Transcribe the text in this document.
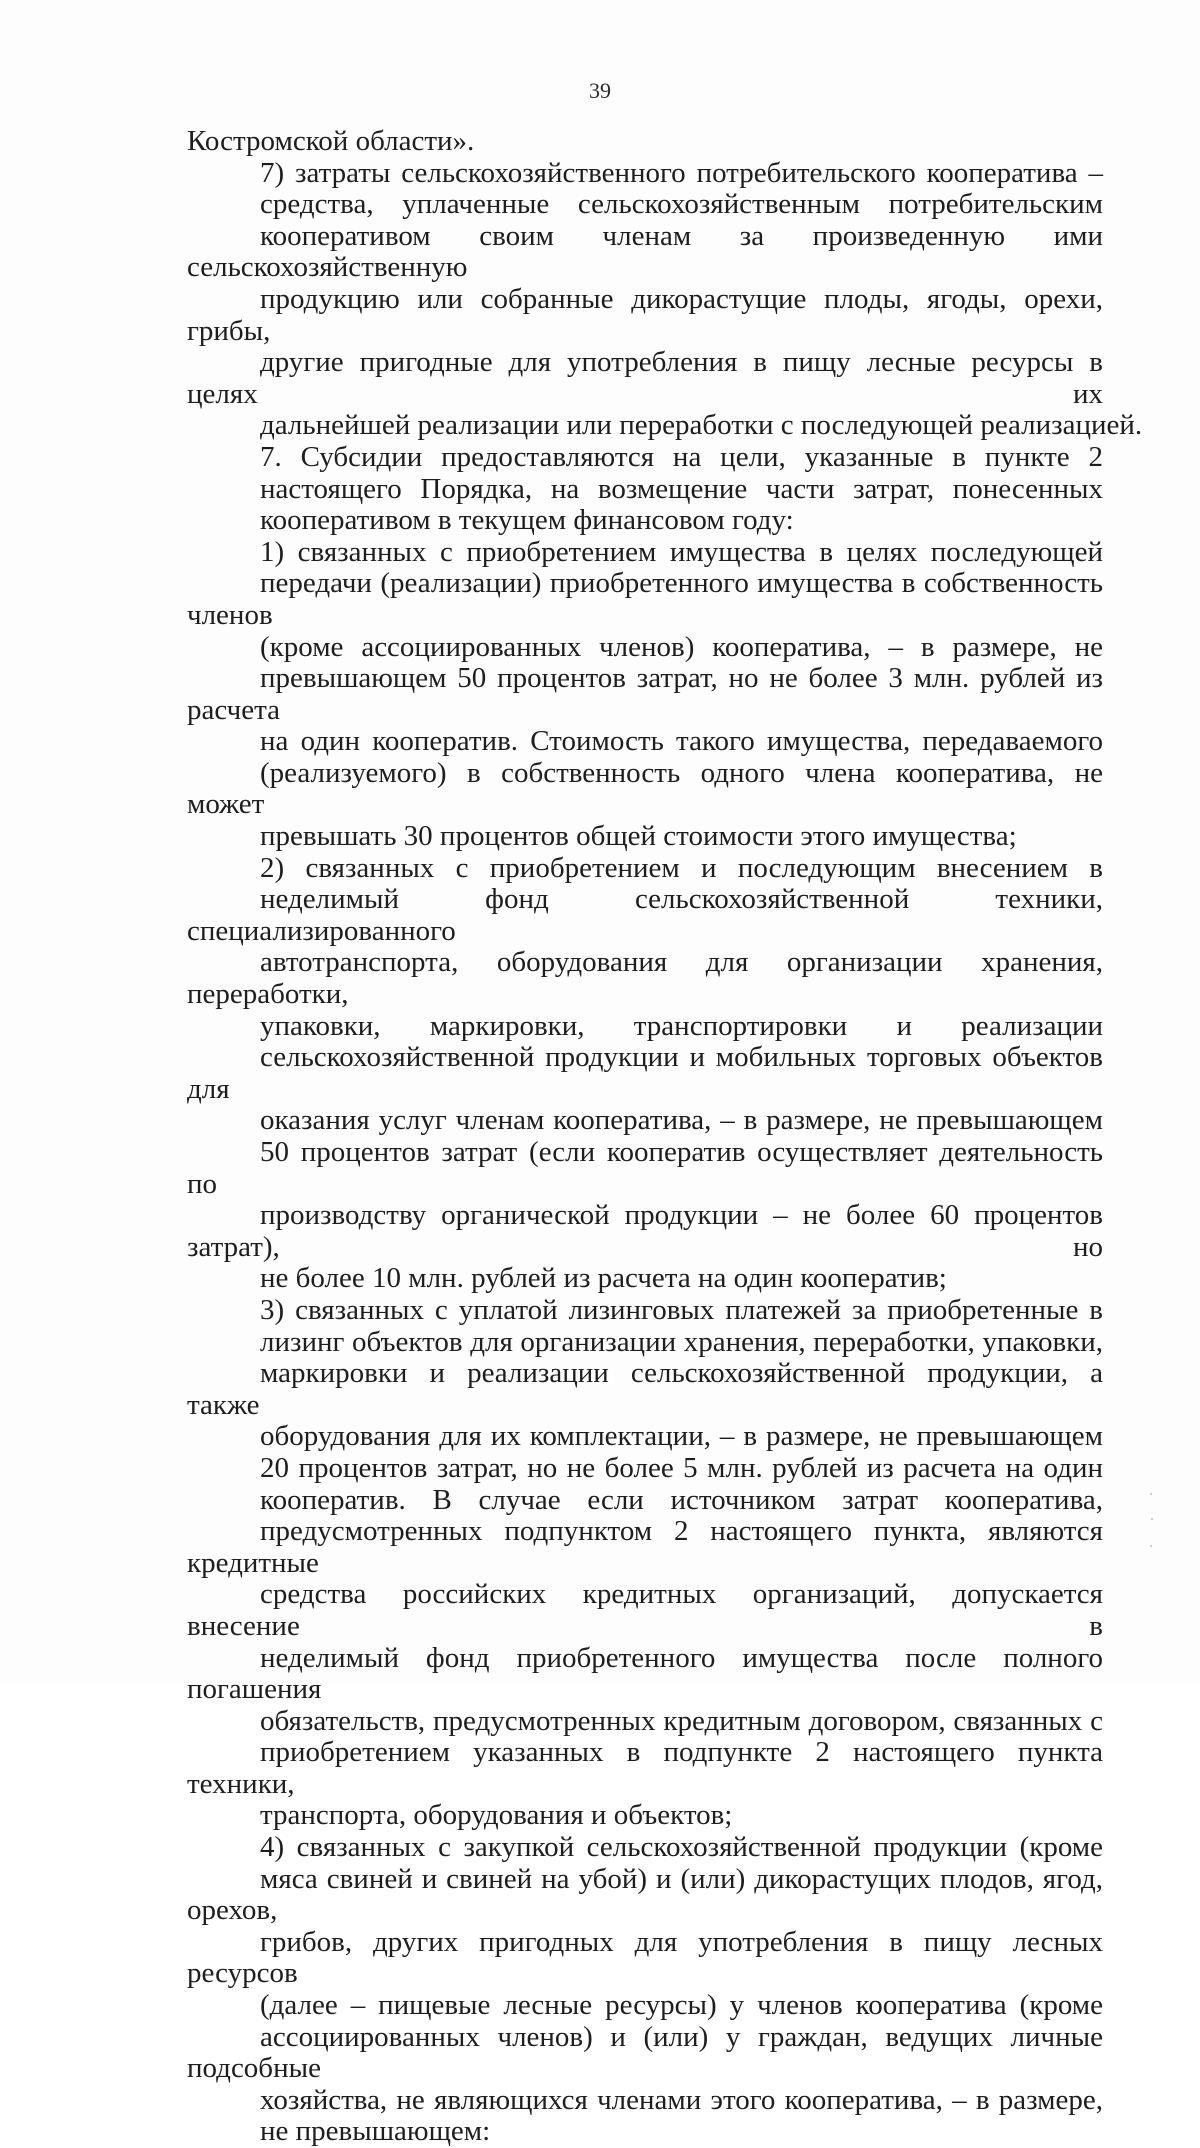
39

Костромской области».

7) затраты сельскохозяйственного потребительского кооператива –
средства, уплаченные сельскохозяйственным потребительским
кооперативом своим членам за произведенную ими сельскохозяйственную
продукцию или собранные дикорастущие плоды, ягоды, орехи, грибы,
другие пригодные для употребления в пищу лесные ресурсы в целях их
дальнейшей реализации или переработки с последующей реализацией.

7. Субсидии предоставляются на цели, указанные в пункте 2
настоящего Порядка, на возмещение части затрат, понесенных
кооперативом в текущем финансовом году:

1) связанных с приобретением имущества в целях последующей
передачи (реализации) приобретенного имущества в собственность членов
(кроме ассоциированных членов) кооператива, – в размере, не
превышающем 50 процентов затрат, но не более 3 млн. рублей из расчета
на один кооператив. Стоимость такого имущества, передаваемого
(реализуемого) в собственность одного члена кооператива, не может
превышать 30 процентов общей стоимости этого имущества;

2) связанных с приобретением и последующим внесением в
неделимый фонд сельскохозяйственной техники, специализированного
автотранспорта, оборудования для организации хранения, переработки,
упаковки, маркировки, транспортировки и реализации
сельскохозяйственной продукции и мобильных торговых объектов для
оказания услуг членам кооператива, – в размере, не превышающем
50 процентов затрат (если кооператив осуществляет деятельность по
производству органической продукции – не более 60 процентов затрат), но
не более 10 млн. рублей из расчета на один кооператив;

3) связанных с уплатой лизинговых платежей за приобретенные в
лизинг объектов для организации хранения, переработки, упаковки,
маркировки и реализации сельскохозяйственной продукции, а также
оборудования для их комплектации, – в размере, не превышающем
20 процентов затрат, но не более 5 млн. рублей из расчета на один
кооператив. В случае если источником затрат кооператива,
предусмотренных подпунктом 2 настоящего пункта, являются кредитные
средства российских кредитных организаций, допускается внесение в
неделимый фонд приобретенного имущества после полного погашения
обязательств, предусмотренных кредитным договором, связанных с
приобретением указанных в подпункте 2 настоящего пункта техники,
транспорта, оборудования и объектов;

4) связанных с закупкой сельскохозяйственной продукции (кроме
мяса свиней и свиней на убой) и (или) дикорастущих плодов, ягод, орехов,
грибов, других пригодных для употребления в пищу лесных ресурсов
(далее – пищевые лесные ресурсы) у членов кооператива (кроме
ассоциированных членов) и (или) у граждан, ведущих личные подсобные
хозяйства, не являющихся членами этого кооператива, – в размере,
не превышающем:
